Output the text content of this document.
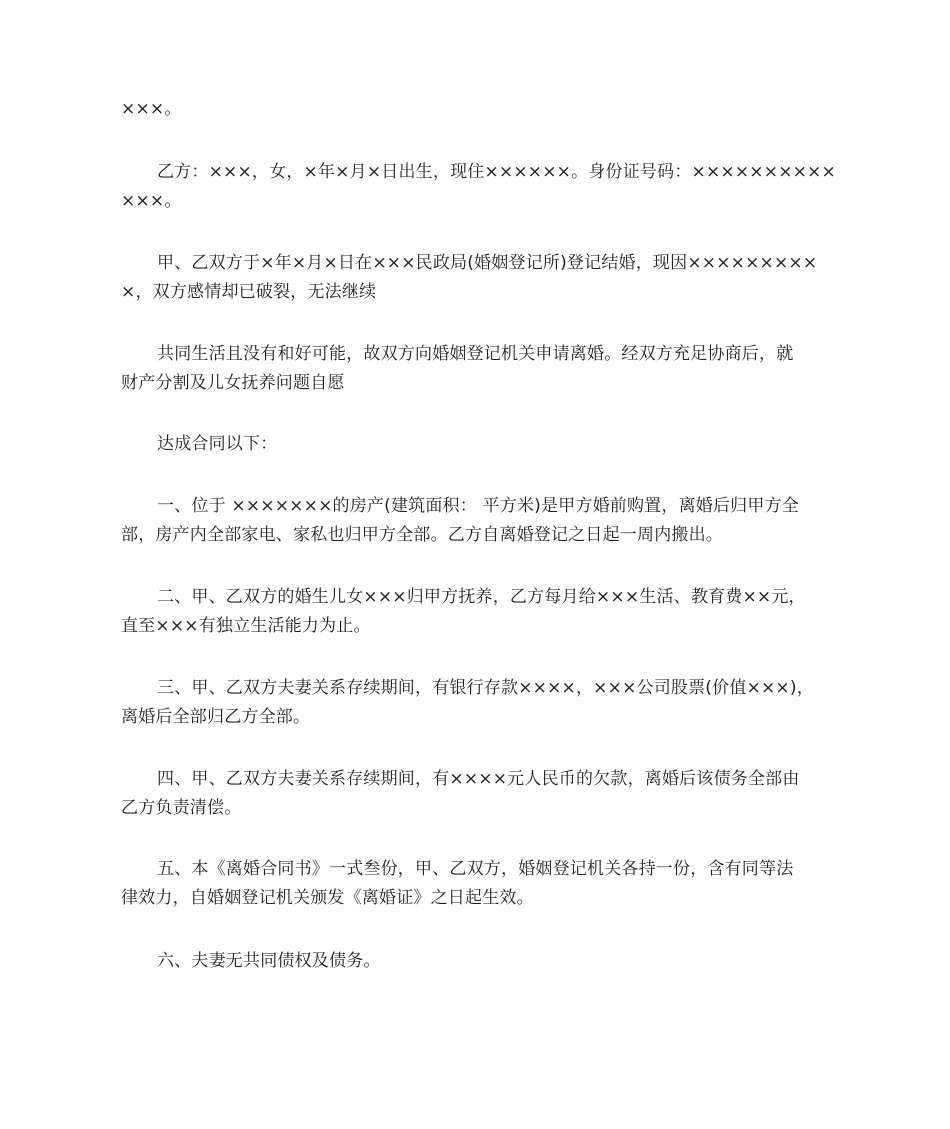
×××。
乙方：×××，女，×年×月×日出生，现住××××××。身份证号码：××××××××××
×××。
甲、乙双方于×年×月×日在×××民政局(婚姻登记所)登记结婚，现因×××××××××
×，双方感情却已破裂，无法继续
共同生活且没有和好可能，故双方向婚姻登记机关申请离婚。经双方充足协商后，就
财产分割及儿女抚养问题自愿
达成合同以下：
一、位于 ×××××××的房产(建筑面积： 平方米)是甲方婚前购置，离婚后归甲方全
部，房产内全部家电、家私也归甲方全部。乙方自离婚登记之日起一周内搬出。
二、甲、乙双方的婚生儿女×××归甲方抚养，乙方每月给×××生活、教育费××元，
直至×××有独立生活能力为止。
三、甲、乙双方夫妻关系存续期间，有银行存款××××，×××公司股票(价值×××)，
离婚后全部归乙方全部。
四、甲、乙双方夫妻关系存续期间，有××××元人民币的欠款，离婚后该债务全部由
乙方负责清偿。
五、本《离婚合同书》一式叁份，甲、乙双方，婚姻登记机关各持一份，含有同等法
律效力，自婚姻登记机关颁发《离婚证》之日起生效。
六、夫妻无共同债权及债务。
